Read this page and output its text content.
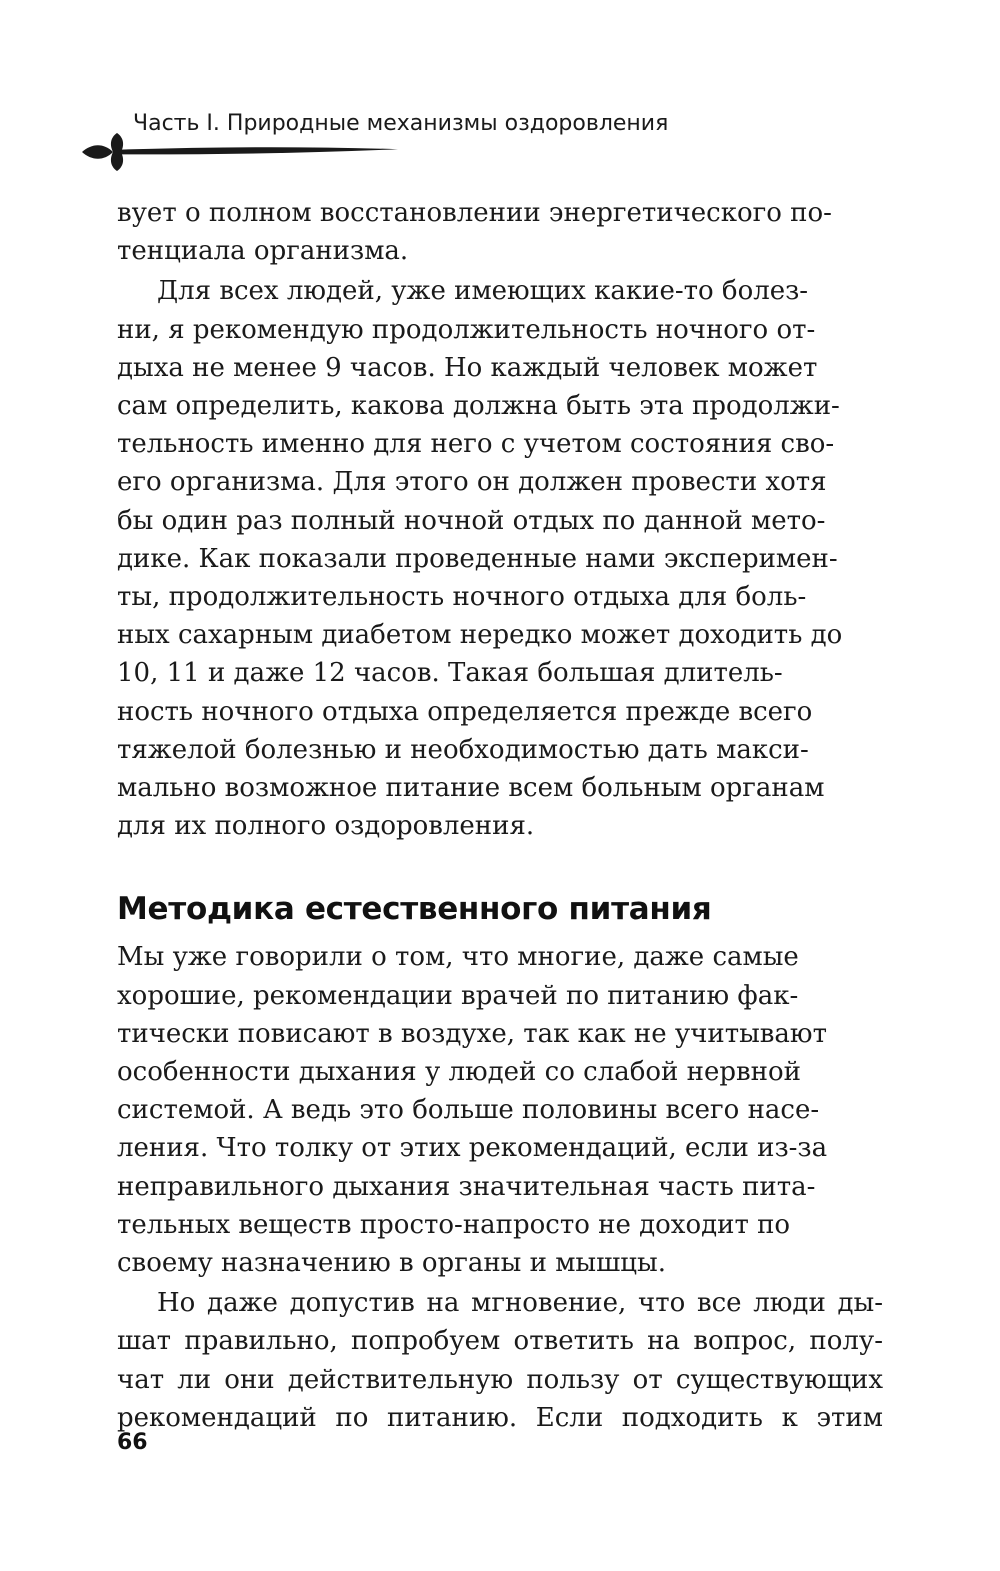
Часть I. Природные механизмы оздоровления

вует о полном восстановлении энергетического по-
тенциала организма.

Для всех людей, уже имеющих какие-то болез-
ни, я рекомендую продолжительность ночного от-
дыха не менее 9 часов. Но каждый человек может
сам определить, какова должна быть эта продолжи-
тельность именно для него с учетом состояния сво-
его организма. Для этого он должен провести хотя
бы один раз полный ночной отдых по данной мето-
дике. Как показали проведенные нами эксперимен-
ты, продолжительность ночного отдыха для боль-
ных сахарным диабетом нередко может доходить до
10, 11 и даже 12 часов. Такая большая длитель-
ность ночного отдыха определяется прежде всего
тяжелой болезнью и необходимостью дать макси-
мально возможное питание всем больным органам
для их полного оздоровления.

Методика естественного питания

Мы уже говорили о том, что многие, даже самые
хорошие, рекомендации врачей по питанию фак-
тически повисают в воздухе, так как не учитывают
особенности дыхания у людей со слабой нервной
системой. А ведь это больше половины всего насе-
ления. Что толку от этих рекомендаций, если из-за
неправильного дыхания значительная часть пита-
тельных веществ просто-напросто не доходит по
своему назначению в органы и мышцы.

Но даже допустив на мгновение, что все люди ды-
шат правильно, попробуем ответить на вопрос, полу-
чат ли они действительную пользу от существующих
рекомендаций по питанию. Если подходить к этим

66
